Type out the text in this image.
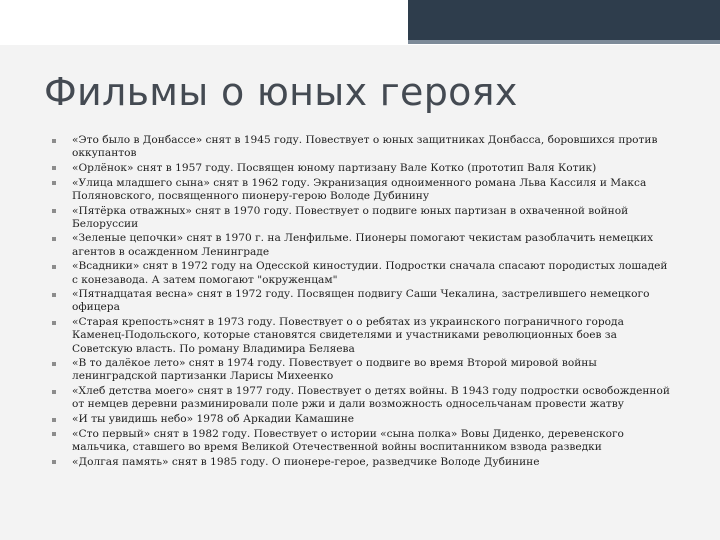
Фильмы о юных героях
«Это было в Донбассе» снят в 1945 году. Повествует о юных защитниках Донбасса, боровшихся против оккупантов
«Орлёнок» снят в 1957 году. Посвящен юному партизану Вале Котко (прототип Валя Котик)
«Улица младшего сына» снят в 1962 году. Экранизация одноименного романа Льва Кассиля и Макса Поляновского, посвященного пионеру-герою Володе Дубинину
«Пятёрка отважных» снят в 1970 году. Повествует о подвиге юных партизан в охваченной войной Белоруссии
«Зеленые цепочки» снят в 1970 г. на Ленфильме. Пионеры помогают чекистам разоблачить немецких агентов в осажденном Ленинграде
«Всадники» снят в 1972 году на Одесской киностудии. Подростки сначала спасают породистых лошадей с конезавода. А затем помогают "окруженцам"
«Пятнадцатая весна» снят в 1972 году. Посвящен подвигу Саши Чекалина, застрелившего немецкого офицера
«Старая крепость»снят в 1973 году. Повествует о о ребятах из украинского пограничного города Каменец-Подольского, которые становятся свидетелями и участниками революционных боев за Советскую власть. По роману Владимира Беляева
«В то далёкое лето» снят в 1974 году. Повествует о подвиге во время Второй мировой войны ленинградской партизанки Ларисы Михеенко
«Хлеб детства моего» снят в 1977 году. Повествует о детях войны. В 1943 году подростки освобожденной от немцев деревни разминировали поле ржи и дали возможность односельчанам провести жатву
«И ты увидишь небо» 1978 об Аркадии Камашине
«Сто первый» снят в 1982 году. Повествует о истории «сына полка» Вовы Диденко, деревенского мальчика, ставшего во время Великой Отечественной войны воспитанником взвода разведки
«Долгая память» снят в 1985 году. О пионере-герое, разведчике Володе Дубинине
